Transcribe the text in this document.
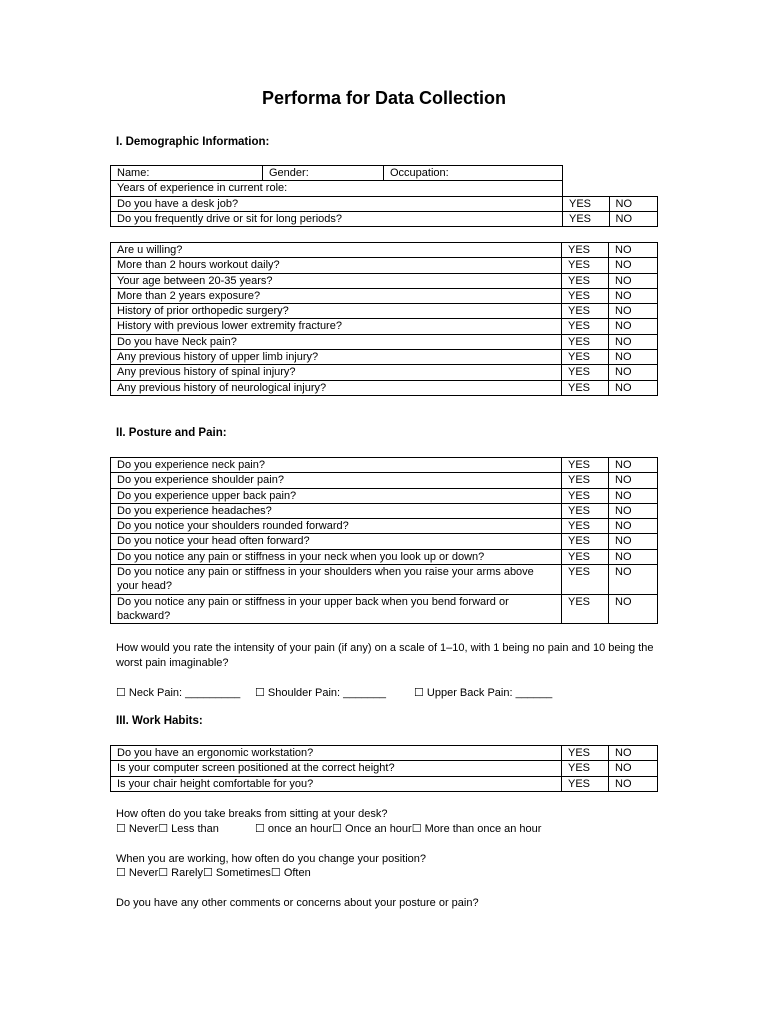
Performa for Data Collection
I. Demographic Information:
Name:	Gender:	Occupation:		
Years of experience in current role:				
Do you have a desk job?			YES	NO
Do you frequently drive or sit for long periods?			YES	NO
Are u willing?	YES	NO
More than 2 hours workout daily?	YES	NO
Your age between 20-35 years?	YES	NO
More than 2 years exposure?	YES	NO
History of prior orthopedic surgery?	YES	NO
History with previous lower extremity fracture?	YES	NO
Do you have Neck pain?	YES	NO
Any previous history of upper limb injury?	YES	NO
Any previous history of spinal injury?	YES	NO
Any previous history of neurological injury?	YES	NO
II. Posture and Pain:
Do you experience neck pain?	YES	NO
Do you experience shoulder pain?	YES	NO
Do you experience upper back pain?	YES	NO
Do you experience headaches?	YES	NO
Do you notice your shoulders rounded forward?	YES	NO
Do you notice your head often forward?	YES	NO
Do you notice any pain or stiffness in your neck when you look up or down?	YES	NO
Do you notice any pain or stiffness in your shoulders when you raise your arms above your head?	YES	NO
Do you notice any pain or stiffness in your upper back when you bend forward or backward?	YES	NO
How would you rate the intensity of your pain (if any) on a scale of 1–10, with 1 being no pain and 10 being the worst pain imaginable?
☐ Neck Pain: _________ ☐ Shoulder Pain: _______	☐ Upper Back Pain: ______
III. Work Habits:
Do you have an ergonomic workstation?	YES	NO
Is your computer screen positioned at the correct height?	YES	NO
Is your chair height comfortable for you?	YES	NO
How often do you take breaks from sitting at your desk?
☐ Never☐ Less than	☐ once an hour☐ Once an hour☐ More than once an hour
When you are working, how often do you change your position?
☐ Never☐ Rarely☐ Sometimes☐ Often
Do you have any other comments or concerns about your posture or pain?
